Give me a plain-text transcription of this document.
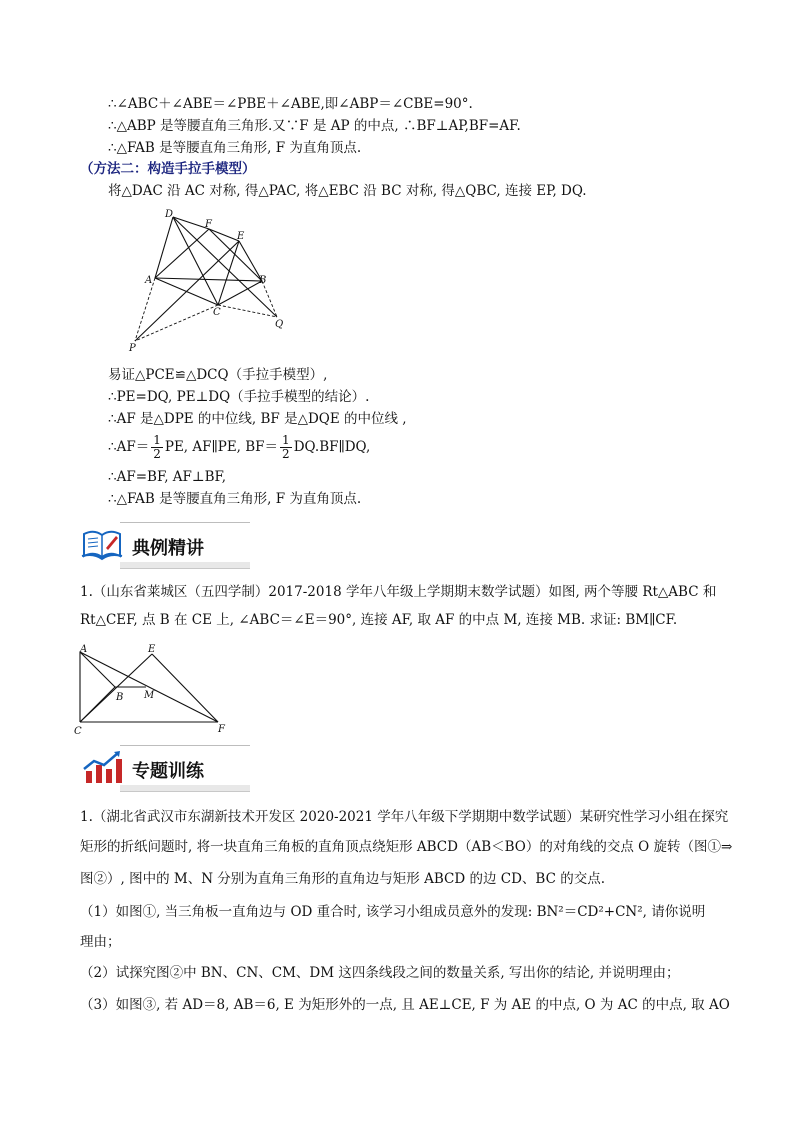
∴∠ABC＋∠ABE＝∠PBE＋∠ABE,即∠ABP＝∠CBE=90°.
∴△ABP 是等腰直角三角形.又∵F 是 AP 的中点, ∴BF⊥AP,BF=AF.
∴△FAB 是等腰直角三角形, F 为直角顶点.
（方法二：构造手拉手模型）
将△DAC 沿 AC 对称, 得△PAC, 将△EBC 沿 BC 对称, 得△QBC, 连接 EP, DQ.
D
F
E
A	B
C
Q
P
易证△PCE≌△DCQ（手拉手模型）,
∴PE=DQ, PE⊥DQ（手拉手模型的结论）.
∴AF 是△DPE 的中位线, BF 是△DQE 的中位线 ,
∴AF＝ $\frac{1}{2}$ PE, AF∥PE, $BF= \frac{1}{2}$ DQ.BF∥DQ,
∴AF=BF, AF⊥BF,
∴△FAB 是等腰直角三角形, F 为直角顶点.
典例精讲
1.（山东省莱城区（五四学制）2017-2018 学年八年级上学期期末数学试题）如图, 两个等腰 Rt△ABC 和
Rt△CEF, 点 B 在 CE 上, ∠ABC＝∠E＝90°, 连接 AF, 取 AF 的中点 M, 连接 MB. 求证: BM∥CF.
A	E
B M
C	F
专题训练
1.（湖北省武汉市东湖新技术开发区 2020-2021 学年八年级下学期期中数学试题）某研究性学习小组在探究
矩形的折纸问题时, 将一块直角三角板的直角顶点绕矩形 ABCD（AB＜BO）的对角线的交点 O 旋转（图①⇒
图②）, 图中的 M、N 分别为直角三角形的直角边与矩形 ABCD 的边 CD、BC 的交点.
（1）如图①, 当三角板一直角边与 OD 重合时, 该学习小组成员意外的发现: BN²＝CD²+CN², 请你说明
理由；
（2）试探究图②中 BN、CN、CM、DM 这四条线段之间的数量关系, 写出你的结论, 并说明理由；
（3）如图③, 若 AD＝8, AB＝6, E 为矩形外的一点, 且 AE⊥CE, F 为 AE 的中点, O 为 AC 的中点, 取 AO
